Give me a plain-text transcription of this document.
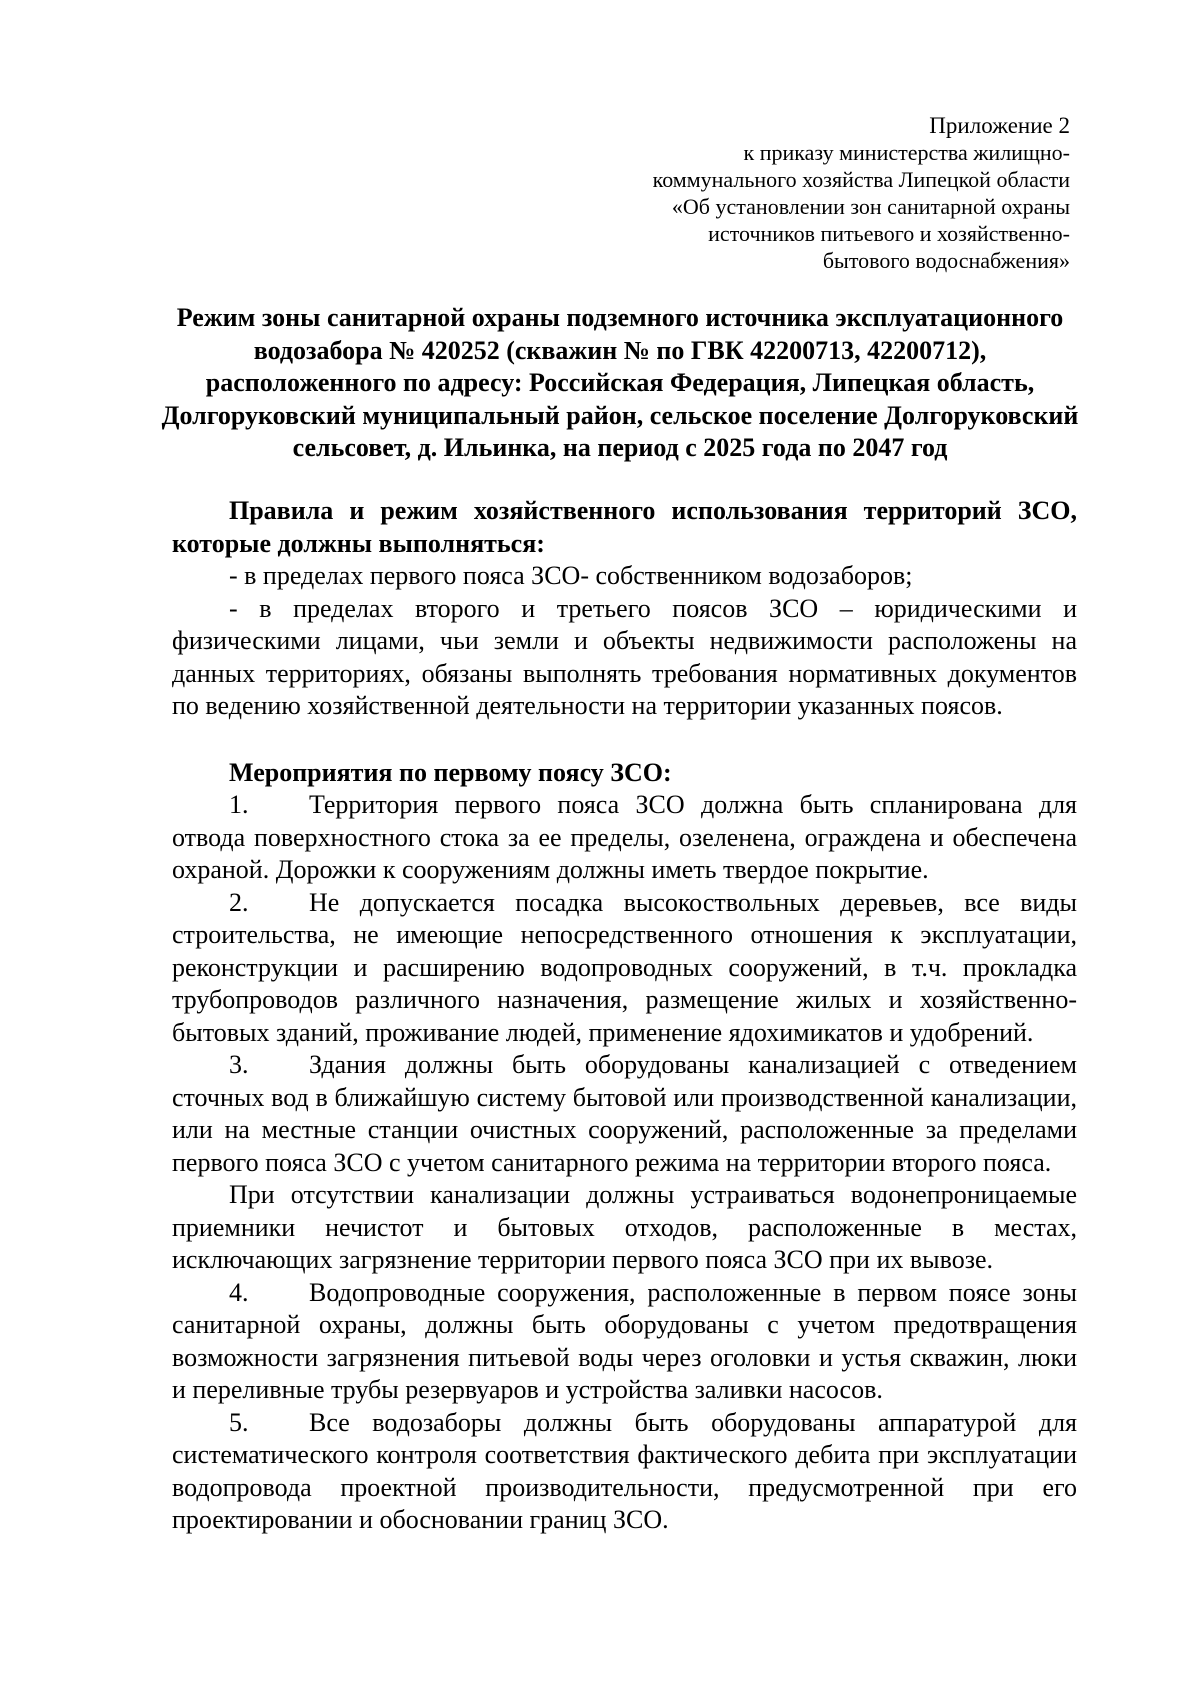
Приложение 2
к приказу министерства жилищно-
коммунального хозяйства Липецкой области
«Об установлении зон санитарной охраны
источников питьевого и хозяйственно-
бытового водоснабжения»
Режим зоны санитарной охраны подземного источника эксплуатационного водозабора № 420252 (скважин № по ГВК 42200713, 42200712), расположенного по адресу: Российская Федерация, Липецкая область, Долгоруковский муниципальный район, сельское поселение Долгоруковский сельсовет, д. Ильинка, на период с 2025 года по 2047 год

Правила и режим хозяйственного использования территорий ЗСО, которые должны выполняться:

- в пределах первого пояса ЗСО- собственником водозаборов;

- в пределах второго и третьего поясов ЗСО – юридическими и физическими лицами, чьи земли и объекты недвижимости расположены на данных территориях, обязаны выполнять требования нормативных документов по ведению хозяйственной деятельности на территории указанных поясов.

Мероприятия по первому поясу ЗСО:

1. Территория первого пояса ЗСО должна быть спланирована для отвода поверхностного стока за ее пределы, озеленена, ограждена и обеспечена охраной. Дорожки к сооружениям должны иметь твердое покрытие.

2. Не допускается посадка высокоствольных деревьев, все виды строительства, не имеющие непосредственного отношения к эксплуатации, реконструкции и расширению водопроводных сооружений, в т.ч. прокладка трубопроводов различного назначения, размещение жилых и хозяйственно-бытовых зданий, проживание людей, применение ядохимикатов и удобрений.

3. Здания должны быть оборудованы канализацией с отведением сточных вод в ближайшую систему бытовой или производственной канализации, или на местные станции очистных сооружений, расположенные за пределами первого пояса ЗСО с учетом санитарного режима на территории второго пояса.

При отсутствии канализации должны устраиваться водонепроницаемые приемники нечистот и бытовых отходов, расположенные в местах, исключающих загрязнение территории первого пояса ЗСО при их вывозе.

4. Водопроводные сооружения, расположенные в первом поясе зоны санитарной охраны, должны быть оборудованы с учетом предотвращения возможности загрязнения питьевой воды через оголовки и устья скважин, люки и переливные трубы резервуаров и устройства заливки насосов.

5. Все водозаборы должны быть оборудованы аппаратурой для систематического контроля соответствия фактического дебита при эксплуатации водопровода проектной производительности, предусмотренной при его проектировании и обосновании границ ЗСО.
